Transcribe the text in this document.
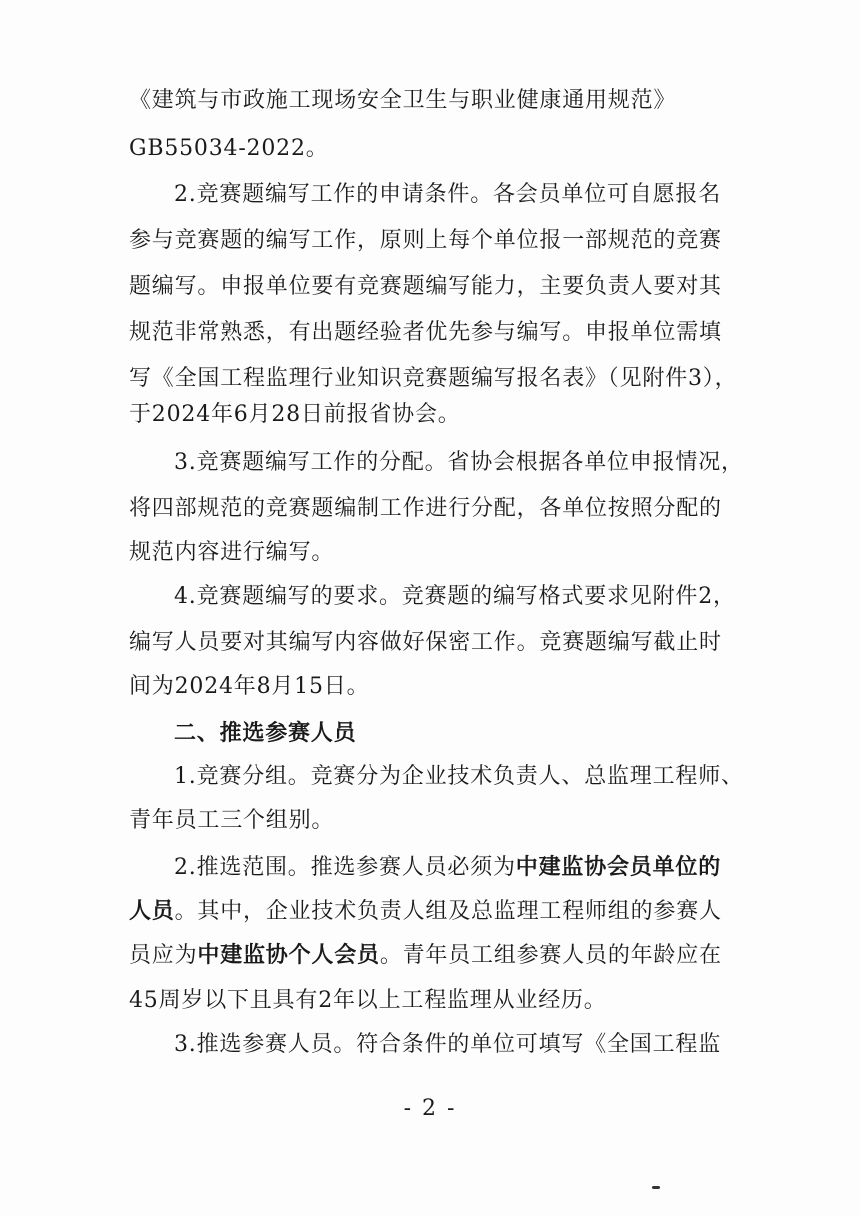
《建筑与市政施工现场安全卫生与职业健康通用规范》
GB55034-2022。
2.竞赛题编写工作的申请条件。各会员单位可自愿报名
参与竞赛题的编写工作，原则上每个单位报一部规范的竞赛
题编写。申报单位要有竞赛题编写能力，主要负责人要对其
规范非常熟悉，有出题经验者优先参与编写。申报单位需填
写《全国工程监理行业知识竞赛题编写报名表》（见附件3），
于2024年6月28日前报省协会。
3.竞赛题编写工作的分配。省协会根据各单位申报情况，
将四部规范的竞赛题编制工作进行分配，各单位按照分配的
规范内容进行编写。
4.竞赛题编写的要求。竞赛题的编写格式要求见附件2，
编写人员要对其编写内容做好保密工作。竞赛题编写截止时
间为2024年8月15日。
二、推选参赛人员
1.竞赛分组。竞赛分为企业技术负责人、总监理工程师、
青年员工三个组别。
2.推选范围。推选参赛人员必须为中建监协会员单位的
人员。其中，企业技术负责人组及总监理工程师组的参赛人
员应为中建监协个人会员。青年员工组参赛人员的年龄应在
45周岁以下且具有2年以上工程监理从业经历。
3.推选参赛人员。符合条件的单位可填写《全国工程监
- 2 -
